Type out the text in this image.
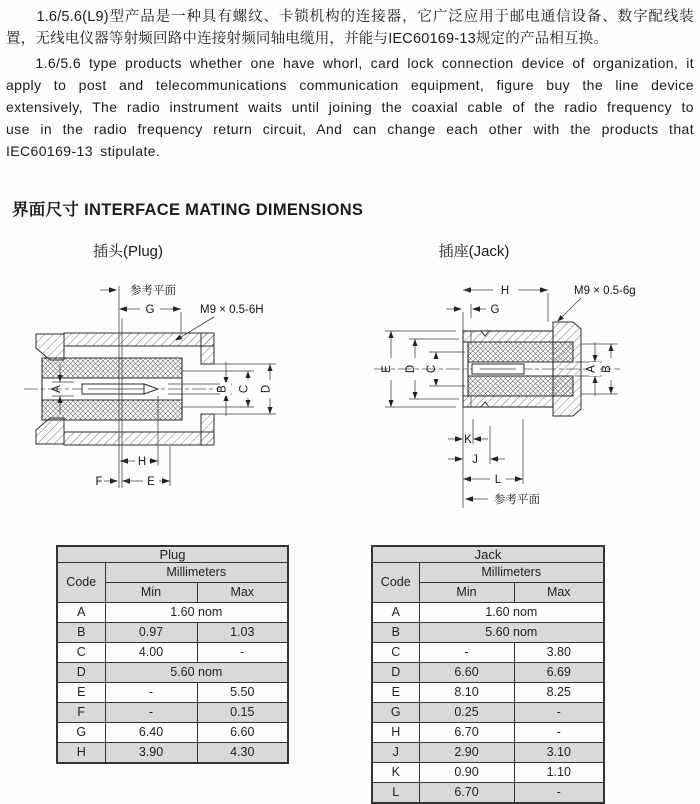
1.6/5.6(L9)型产品是一种具有螺纹、卡锁机构的连接器，它广泛应用于邮电通信设备、数字配线装置，无线电仪器等射频回路中连接射频同轴电缆用，并能与IEC60169-13规定的产品相互换。

1.6/5.6 type products whether one have whorl, card lock connection device of organization, it apply to post and telecommunications communication equipment, figure buy the line device extensively, The radio instrument waits until joining the coaxial cable of the radio frequency to use in the radio frequency return circuit, And can change each other with the products that IEC60169-13 stipulate.

界面尺寸 INTERFACE MATING DIMENSIONS
插头(Plug)	插座(Jack)
参考平面
G	M9 × 0.5-6H
A	B C D
H
E
F
H	M9 × 0.5-6g
G
E D C	A B
K
J
L
参考平面
Plug		
Code	Millimeters	
	Min	Max
A	1.60 nom	
B	0.97	1.03
C	4.00	-
D	5.60 nom	
E	-	5.50
F	-	0.15
G	6.40	6.60
H	3.90	4.30
Jack		
Code	Millimeters	
	Min	Max
A	1.60 nom	
B	5.60 nom	
C	-	3.80
D	6.60	6.69
E	8.10	8.25
G	0.25	-
H	6.70	-
J	2.90	3.10
K	0.90	1.10
L	6.70	-
